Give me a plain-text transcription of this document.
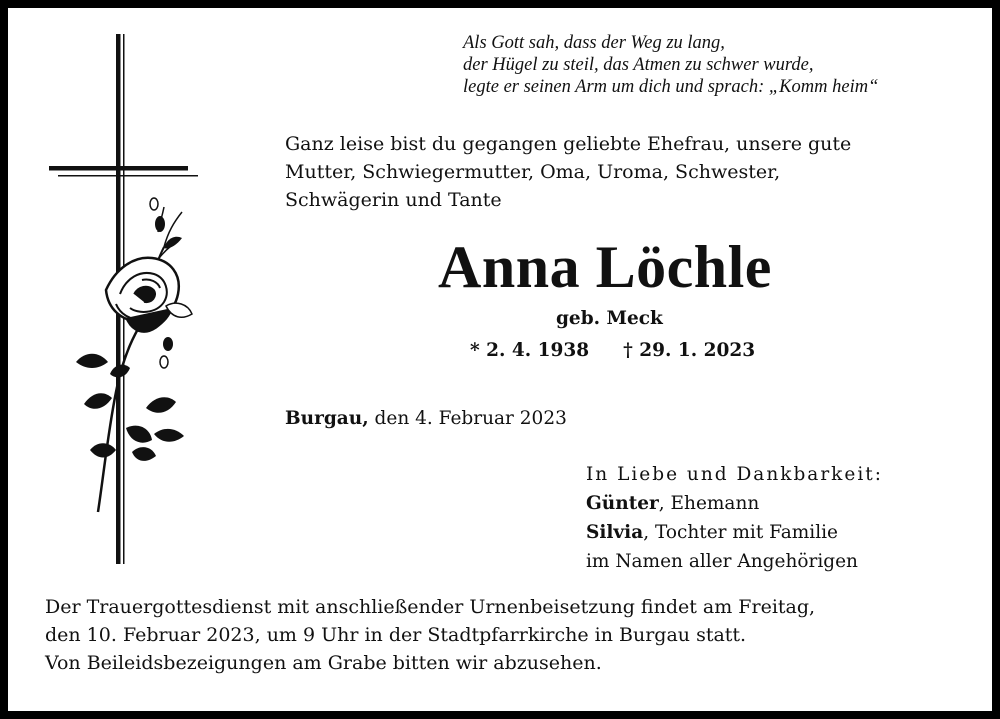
Als Gott sah, dass der Weg zu lang,
der Hügel zu steil, das Atmen zu schwer wurde,
legte er seinen Arm um dich und sprach: „Komm heim“
Ganz leise bist du gegangen geliebte Ehefrau, unsere gute
Mutter, Schwiegermutter, Oma, Uroma, Schwester,
Schwägerin und Tante
Anna Löchle
geb. Meck
* 2. 4. 1938 † 29. 1. 2023
Burgau, den 4. Februar 2023
In Liebe und Dankbarkeit:
Günter, Ehemann
Silvia, Tochter mit Familie
im Namen aller Angehörigen
Der Trauergottesdienst mit anschließender Urnenbeisetzung findet am Freitag,
den 10. Februar 2023, um 9 Uhr in der Stadtpfarrkirche in Burgau statt.
Von Beileidsbezeigungen am Grabe bitten wir abzusehen.
